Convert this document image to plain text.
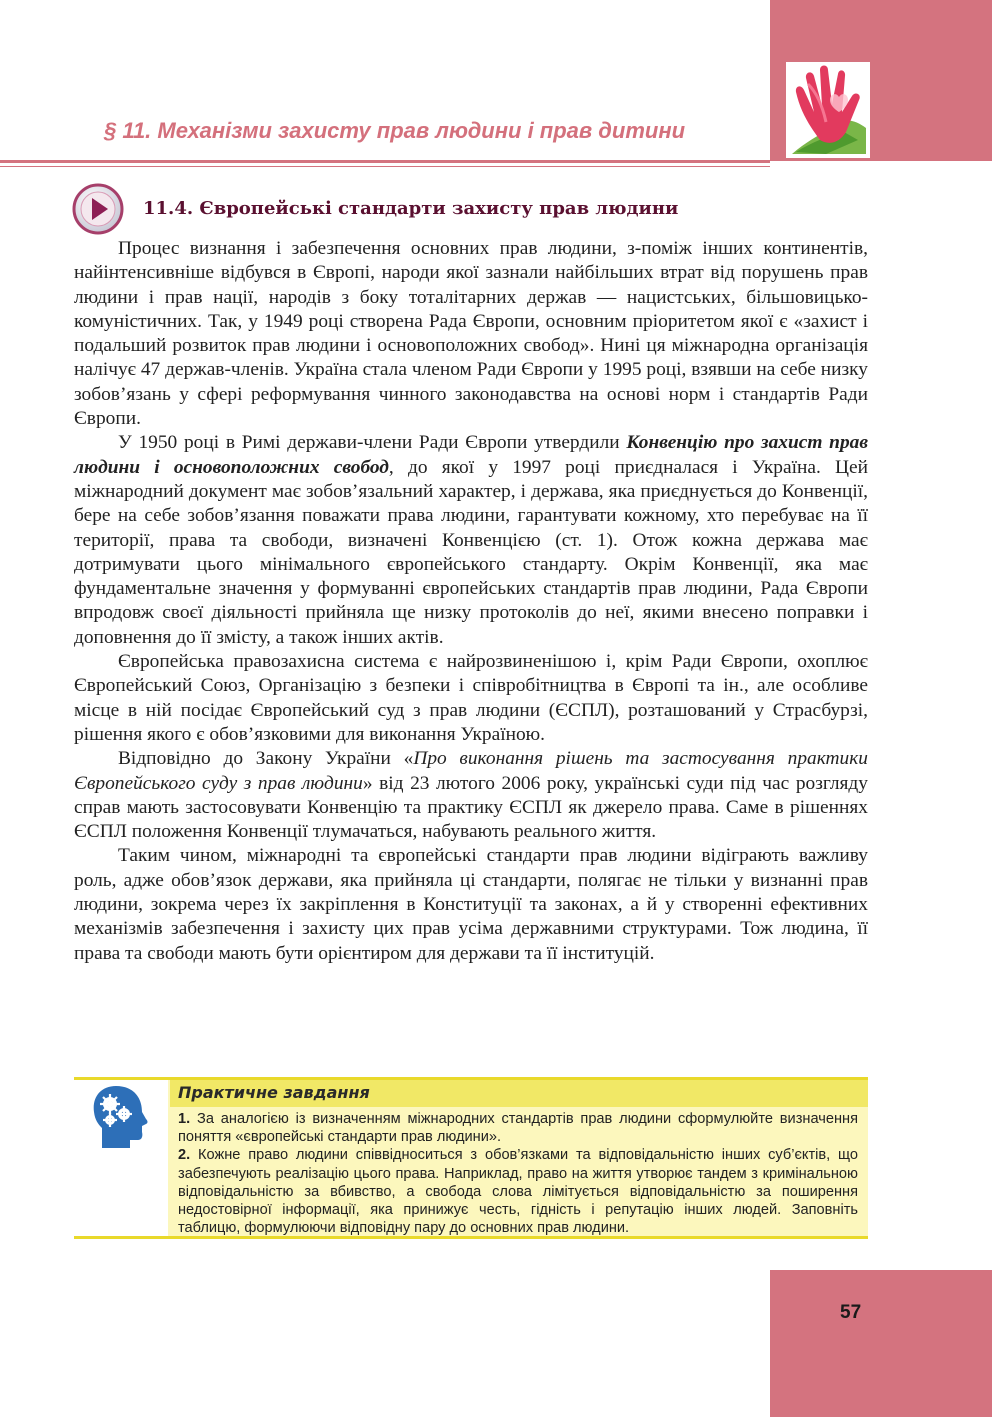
§ 11. Механізми захисту прав людини і прав дитини
11.4. Європейські стандарти захисту прав людини

Процес визнання і забезпечення основних прав людини, з-поміж інших континентів, найінтенсивніше відбувся в Європі, народи якої зазнали найбільших втрат від порушень прав людини і прав нації, народів з боку тоталітарних держав — нацистських, більшовицько-комуністичних. Так, у 1949 році створена Рада Європи, основним пріоритетом якої є «захист і подальший розвиток прав людини і основоположних свобод». Нині ця міжнародна організація налічує 47 держав-членів. Україна стала членом Ради Європи у 1995 році, взявши на себе низку зобов’язань у сфері реформування чинного законодавства на основі норм і стандартів Ради Європи.

У 1950 році в Римі держави-члени Ради Європи утвердили Конвенцію про захист прав людини і основоположних свобод, до якої у 1997 році приєдналася і Україна. Цей міжнародний документ має зобов’язальний характер, і держава, яка приєднується до Конвенції, бере на себе зобов’язання поважати права людини, гарантувати кожному, хто перебуває на її території, права та свободи, визначені Конвенцією (ст. 1). Отож кожна держава має дотримувати цього мінімального європейського стандарту. Окрім Конвенції, яка має фундаментальне значення у формуванні європейських стандартів прав людини, Рада Європи впродовж своєї діяльності прийняла ще низку протоколів до неї, якими внесено поправки і доповнення до її змісту, а також інших актів.

Європейська правозахисна система є найрозвиненішою і, крім Ради Європи, охоплює Європейський Союз, Організацію з безпеки і співробітництва в Європі та ін., але особливе місце в ній посідає Європейський суд з прав людини (ЄСПЛ), розташований у Страсбурзі, рішення якого є обов’язковими для виконання Україною.

Відповідно до Закону України «Про виконання рішень та застосування практики Європейського суду з прав людини» від 23 лютого 2006 року, українські суди під час розгляду справ мають застосовувати Конвенцію та практику ЄСПЛ як джерело права. Саме в рішеннях ЄСПЛ положення Конвенції тлумачаться, набувають реального життя.

Таким чином, міжнародні та європейські стандарти прав людини відіграють важливу роль, адже обов’язок держави, яка прийняла ці стандарти, полягає не тільки у визнанні прав людини, зокрема через їх закріплення в Конституції та законах, а й у створенні ефективних механізмів забезпечення і захисту цих прав усіма державними структурами. Тож людина, її права та свободи мають бути орієнтиром для держави та її інституцій.

Практичне завдання

1. За аналогією із визначенням міжнародних стандартів прав людини сформулюйте визначення поняття «європейські стандарти прав людини».

2. Кожне право людини співвідноситься з обов’язками та відповідальністю інших суб’єктів, що забезпечують реалізацію цього права. Наприклад, право на життя утворює тандем з кримінальною відповідальністю за вбивство, а свобода слова лімітується відповідальністю за поширення недостовірної інформації, яка принижує честь, гідність і репутацію інших людей. Заповніть таблицю, формулюючи відповідну пару до основних прав людини.

57
